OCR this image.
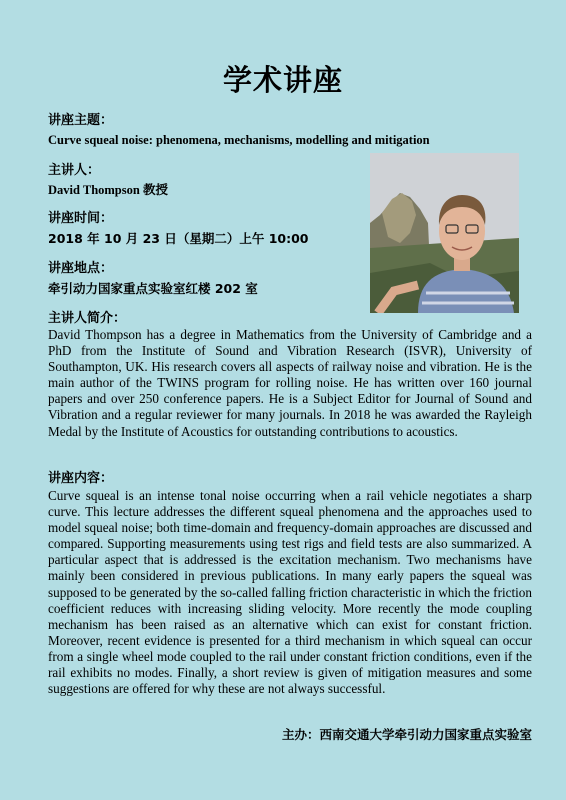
学术讲座
讲座主题：
Curve squeal noise: phenomena, mechanisms, modelling and mitigation
主讲人：
David Thompson 教授
讲座时间：
2018 年 10 月 23 日（星期二）上午 10:00
讲座地点：
牵引动力国家重点实验室红楼 202 室
主讲人简介：
David Thompson has a degree in Mathematics from the University of Cambridge and a PhD from the Institute of Sound and Vibration Research (ISVR), University of Southampton, UK. His research covers all aspects of railway noise and vibration. He is the main author of the TWINS program for rolling noise. He has written over 160 journal papers and over 250 conference papers. He is a Subject Editor for Journal of Sound and Vibration and a regular reviewer for many journals. In 2018 he was awarded the Rayleigh Medal by the Institute of Acoustics for outstanding contributions to acoustics.
讲座内容：
Curve squeal is an intense tonal noise occurring when a rail vehicle negotiates a sharp curve. This lecture addresses the different squeal phenomena and the approaches used to model squeal noise; both time-domain and frequency-domain approaches are discussed and compared. Supporting measurements using test rigs and field tests are also summarized. A particular aspect that is addressed is the excitation mechanism. Two mechanisms have mainly been considered in previous publications. In many early papers the squeal was supposed to be generated by the so-called falling friction characteristic in which the friction coefficient reduces with increasing sliding velocity. More recently the mode coupling mechanism has been raised as an alternative which can exist for constant friction. Moreover, recent evidence is presented for a third mechanism in which squeal can occur from a single wheel mode coupled to the rail under constant friction conditions, even if the rail exhibits no modes. Finally, a short review is given of mitigation measures and some suggestions are offered for why these are not always successful.
主办：西南交通大学牵引动力国家重点实验室
